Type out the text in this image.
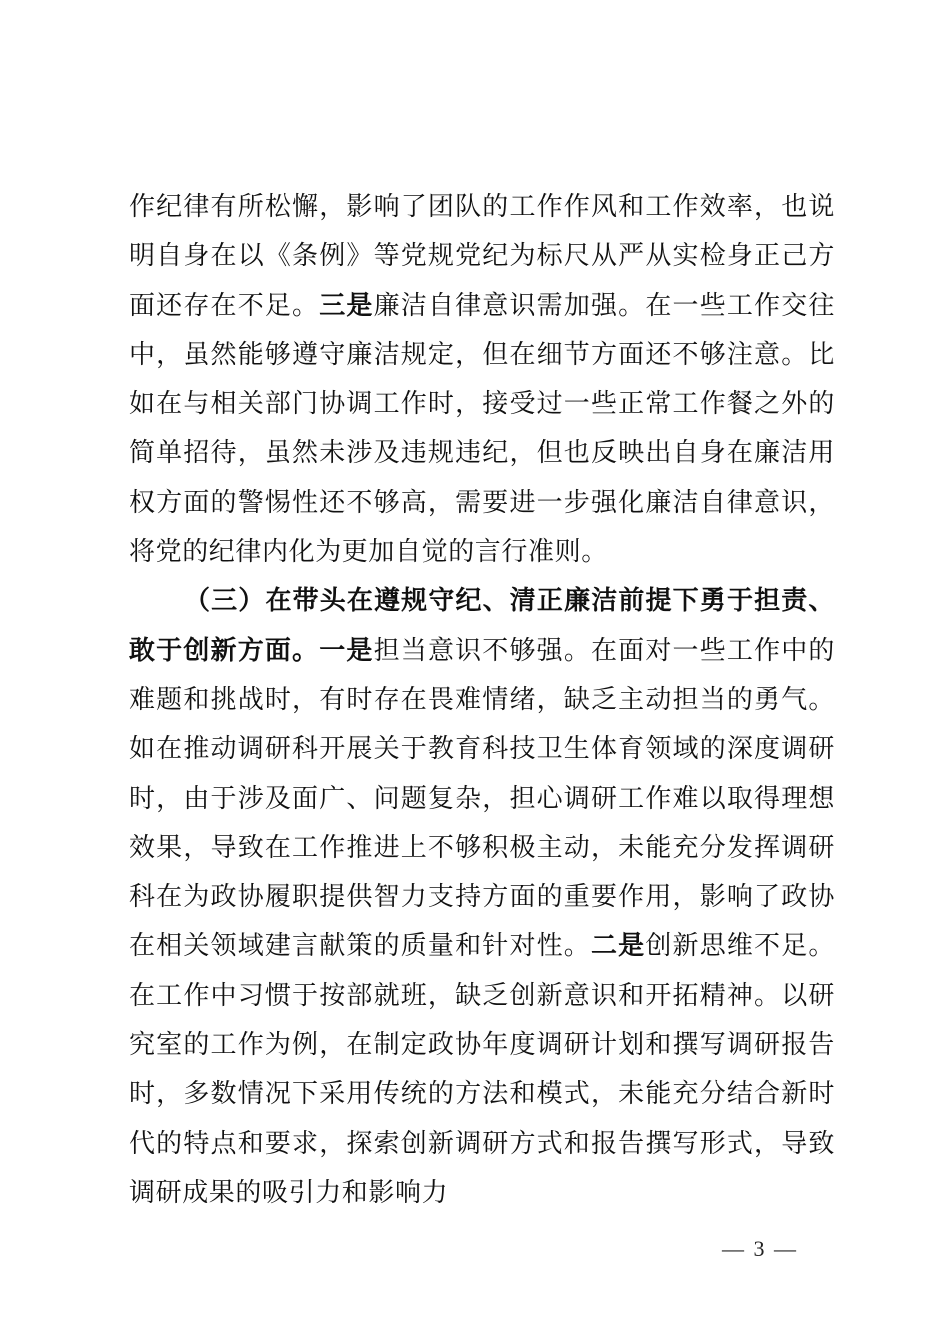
作纪律有所松懈，影响了团队的工作作风和工作效率，也说明自身在以《条例》等党规党纪为标尺从严从实检身正己方面还存在不足。三是廉洁自律意识需加强。在一些工作交往中，虽然能够遵守廉洁规定，但在细节方面还不够注意。比如在与相关部门协调工作时，接受过一些正常工作餐之外的简单招待，虽然未涉及违规违纪，但也反映出自身在廉洁用权方面的警惕性还不够高，需要进一步强化廉洁自律意识，将党的纪律内化为更加自觉的言行准则。

（三）在带头在遵规守纪、清正廉洁前提下勇于担责、敢于创新方面。一是担当意识不够强。在面对一些工作中的难题和挑战时，有时存在畏难情绪，缺乏主动担当的勇气。如在推动调研科开展关于教育科技卫生体育领域的深度调研时，由于涉及面广、问题复杂，担心调研工作难以取得理想效果，导致在工作推进上不够积极主动，未能充分发挥调研科在为政协履职提供智力支持方面的重要作用，影响了政协在相关领域建言献策的质量和针对性。二是创新思维不足。在工作中习惯于按部就班，缺乏创新意识和开拓精神。以研究室的工作为例，在制定政协年度调研计划和撰写调研报告时，多数情况下采用传统的方法和模式，未能充分结合新时代的特点和要求，探索创新调研方式和报告撰写形式，导致调研成果的吸引力和影响力

— 3 —
